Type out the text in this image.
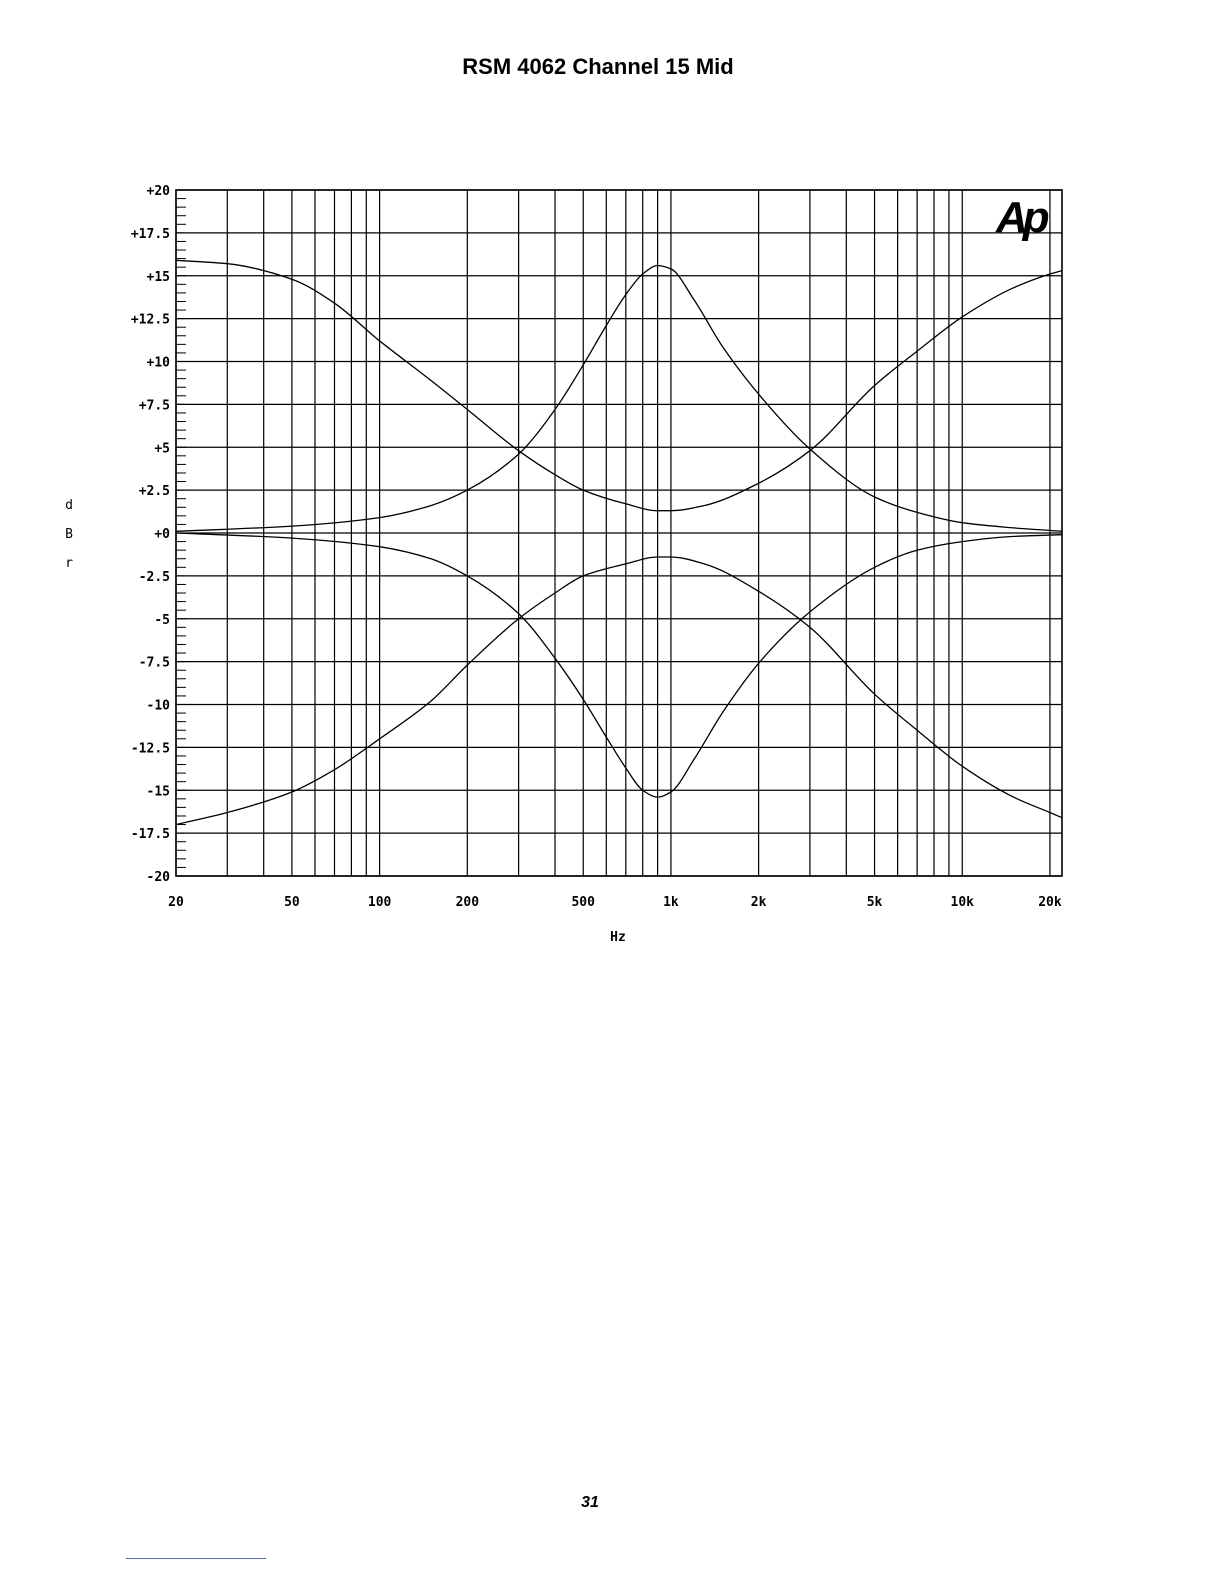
RSM 4062 Channel 15 Mid
+20
+17.5
+15
+12.5
+10
+7.5
+5
+2.5
+0
-2.5
-5
-7.5
-10
-12.5
-15
-17.5
-20
20	50	100	200	500	1k	2k	5k	10k	20k
d
B
r
Hz
Ap
31
